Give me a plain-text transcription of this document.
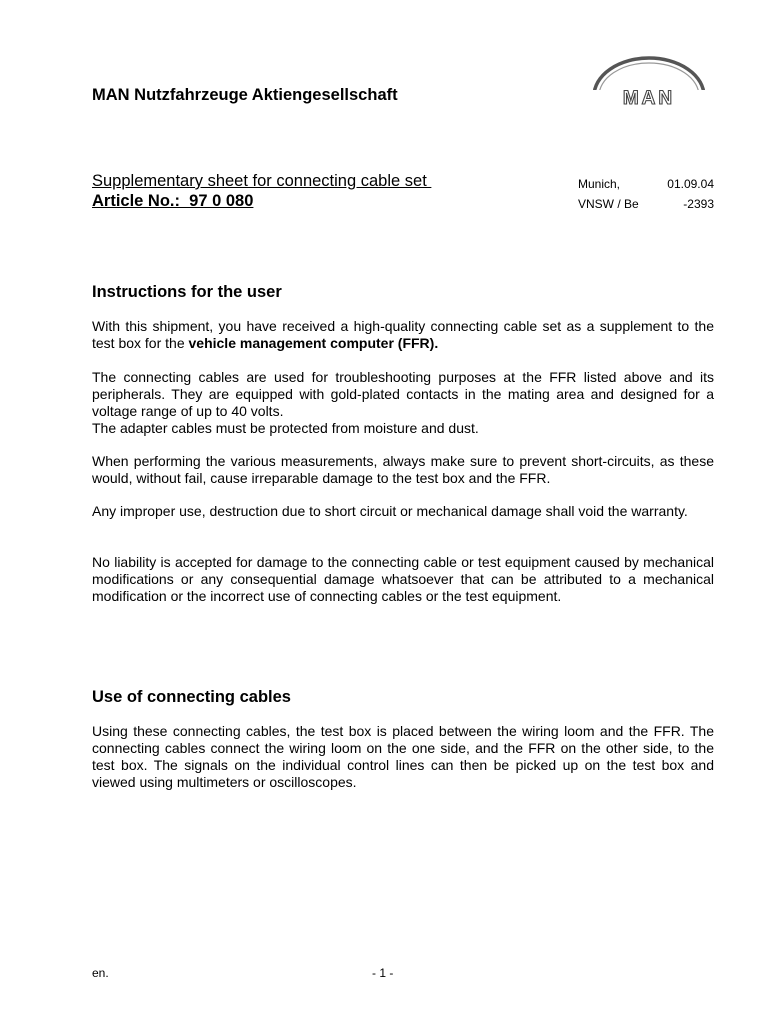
MAN Nutzfahrzeuge Aktiengesellschaft	MAN
Supplementary sheet for connecting cable set
Article No.:  97 0 080
Munich,	01.09.04
VNSW / Be	-2393
Instructions for the user

With this shipment, you have received a high-quality connecting cable set as a supplement to the test box for the vehicle management computer (FFR).

The connecting cables are used for troubleshooting purposes at the FFR listed above and its peripherals. They are equipped with gold-plated contacts in the mating area and designed for a voltage range of up to 40 volts.
The adapter cables must be protected from moisture and dust.

When performing the various measurements, always make sure to prevent short-circuits, as these would, without fail, cause irreparable damage to the test box and the FFR.

Any improper use, destruction due to short circuit or mechanical damage shall void the warranty.

No liability is accepted for damage to the connecting cable or test equipment caused by mechanical modifications or any consequential damage whatsoever that can be attributed to a mechanical modification or the incorrect use of connecting cables or the test equipment.

Use of connecting cables

Using these connecting cables, the test box is placed between the wiring loom and the FFR. The connecting cables connect the wiring loom on the one side, and the FFR on the other side, to the test box. The signals on the individual control lines can then be picked up on the test box and viewed using multimeters or oscilloscopes.

en.	- 1 -
